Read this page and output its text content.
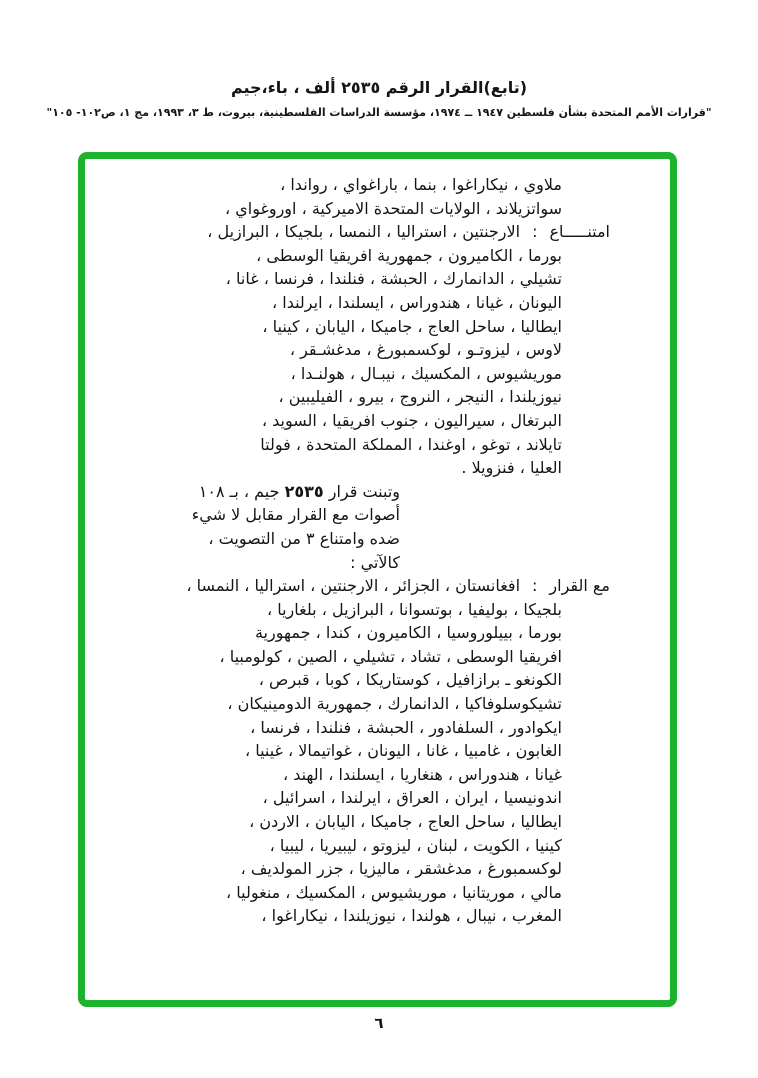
(تابع)القرار الرقم ٢٥٣٥ ألف ، باء،جيم
"قرارات الأمم المتحدة بشأن فلسطين ١٩٤٧ ــ ١٩٧٤، مؤسسة الدراسات الفلسطينية، بيروت، ط ٣، ١٩٩٣، مج ١، ص١٠٢- ١٠٥"
ملاوي ، نيكاراغوا ، بنما ، باراغواي ، رواندا ،
سواتزيلاند ، الولايات المتحدة الاميركية ، اوروغواي ،
امتنـــــاع
:
الارجنتين ، استراليا ، النمسا ، بلجيكا ، البرازيل ،
بورما ، الكاميرون ، جمهورية افريقيا الوسطى ،
تشيلي ، الدانمارك ، الحبشة ، فنلندا ، فرنسا ، غانا ،
اليونان ، غيانا ، هندوراس ، ايسلندا ، ايرلندا ،
ايطاليا ، ساحل العاج ، جاميكا ، اليابان ، كينيا ،
لاوس ، ليزوتـو ، لوكسمبورغ ، مدغشـقر ،
موريشيوس ، المكسيك ، نيبـال ، هولنـدا ،
نيوزيلندا ، النيجر ، النروج ، بيرو ، الفيليبين ،
البرتغال ، سيراليون ، جنوب افريقيا ، السويد ،
تايلاند ، توغو ، اوغندا ، المملكة المتحدة ، فولتا
العليا ، فنزويلا .
وتبنت قرار ٢٥٣٥ جيم ، بـ ١٠٨
أصوات مع القرار مقابل لا شيء
ضده وامتناع ٣ من التصويت ،
كالآتي :
مع القرار
:
افغانستان ، الجزائر ، الارجنتين ، استراليا ، النمسا ،
بلجيكا ، بوليفيا ، بوتسوانا ، البرازيل ، بلغاريا ،
بورما ، بييلوروسيا ، الكاميرون ، كندا ، جمهورية
افريقيا الوسطى ، تشاد ، تشيلي ، الصين ، كولومبيا ،
الكونغو ـ برازافيل ، كوستاريكا ، كوبا ، قبرص ،
تشيكوسلوفاكيا ، الدانمارك ، جمهورية الدومينيكان ،
ايكوادور ، السلفادور ، الحبشة ، فنلندا ، فرنسا ،
الغابون ، غامبيا ، غانا ، اليونان ، غواتيمالا ، غينيا ،
غيانا ، هندوراس ، هنغاريا ، ايسلندا ، الهند ،
اندونيسيا ، ايران ، العراق ، ايرلندا ، اسرائيل ،
ايطاليا ، ساحل العاج ، جاميكا ، اليابان ، الاردن ،
كينيا ، الكويت ، لبنان ، ليزوتو ، ليبيريا ، ليبيا ،
لوكسمبورغ ، مدغشقر ، ماليزيا ، جزر المولديف ،
مالي ، موريتانيا ، موريشيوس ، المكسيك ، منغوليا ،
المغرب ، نيبال ، هولندا ، نيوزيلندا ، نيكاراغوا ،
٦
